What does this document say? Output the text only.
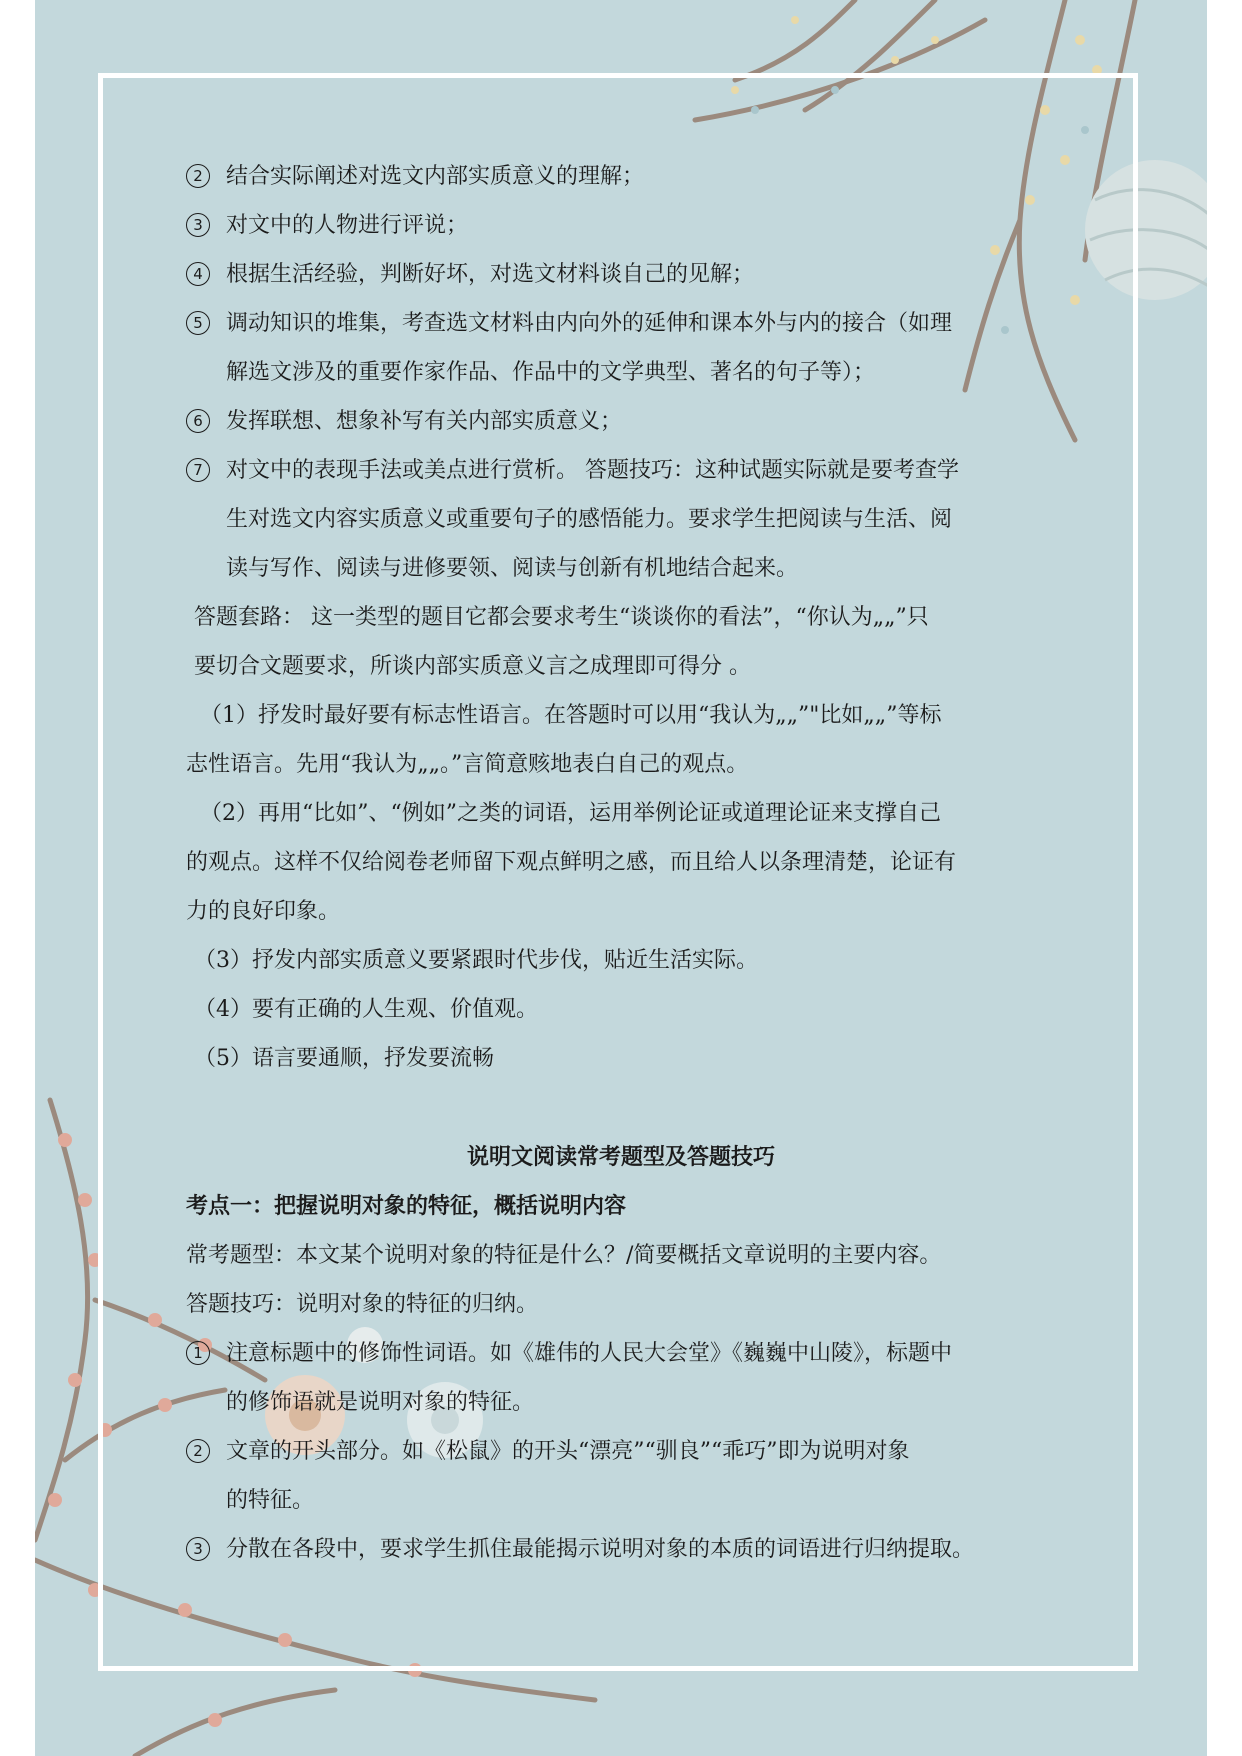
2	结合实际阐述对选文内部实质意义的理解；
3	对文中的人物进行评说；
4	根据生活经验，判断好坏，对选文材料谈自己的见解；
5	调动知识的堆集，考查选文材料由内向外的延伸和课本外与内的接合（如理
解选文涉及的重要作家作品、作品中的文学典型、著名的句子等）；
6	发挥联想、想象补写有关内部实质意义；
7	对文中的表现手法或美点进行赏析。 答题技巧：这种试题实际就是要考查学
生对选文内容实质意义或重要句子的感悟能力。要求学生把阅读与生活、阅
读与写作、阅读与进修要领、阅读与创新有机地结合起来。
答题套路： 这一类型的题目它都会要求考生“谈谈你的看法”，“你认为„„”只
要切合文题要求，所谈内部实质意义言之成理即可得分 。
（1）抒发时最好要有标志性语言。在答题时可以用“我认为„„”"比如„„”等标
志性语言。先用“我认为„„。”言简意赅地表白自己的观点。
（2）再用“比如”、“例如”之类的词语，运用举例论证或道理论证来支撑自己
的观点。这样不仅给阅卷老师留下观点鲜明之感，而且给人以条理清楚，论证有
力的良好印象。
（3）抒发内部实质意义要紧跟时代步伐，贴近生活实际。
（4）要有正确的人生观、价值观。
（5）语言要通顺，抒发要流畅
说明文阅读常考题型及答题技巧
考点一：把握说明对象的特征，概括说明内容
常考题型：本文某个说明对象的特征是什么？/简要概括文章说明的主要内容。
答题技巧：说明对象的特征的归纳。
1	注意标题中的修饰性词语。如《雄伟的人民大会堂》《巍巍中山陵》，标题中
的修饰语就是说明对象的特征。
2	文章的开头部分。如《松鼠》的开头“漂亮”“驯良”“乖巧”即为说明对象
的特征。
3	分散在各段中，要求学生抓住最能揭示说明对象的本质的词语进行归纳提取。
